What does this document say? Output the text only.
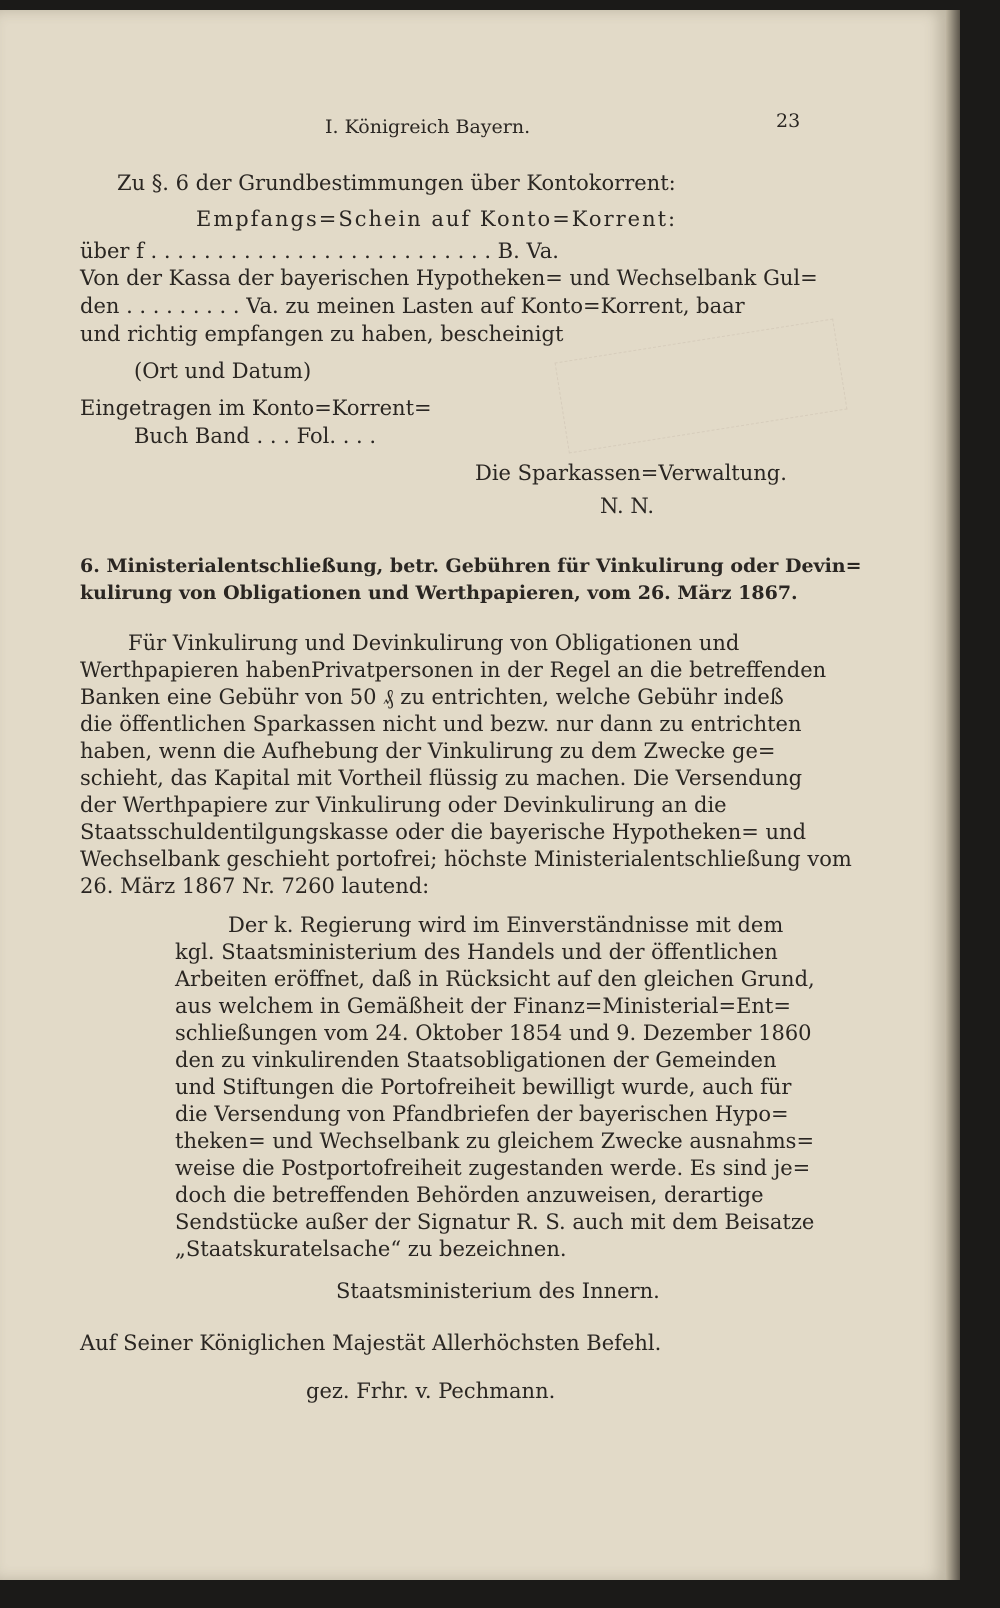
I. Königreich Bayern.	23
Zu §. 6 der Grundbestimmungen über Kontokorrent:
Empfangs=Schein auf Konto=Korrent:
über f . . . . . . . . . . . . . . . . . . . . . . . . . . B. Va.
Von der Kassa der bayerischen Hypotheken= und Wechselbank Gul=
den . . . . . . . . . Va. zu meinen Lasten auf Konto=Korrent, baar
und richtig empfangen zu haben, bescheinigt
(Ort und Datum)
Eingetragen im Konto=Korrent=
Buch Band . . . Fol. . . .
Die Sparkassen=Verwaltung.
N. N.
6. Ministerialentschließung, betr. Gebühren für Vinkulirung oder Devin=
kulirung von Obligationen und Werthpapieren, vom 26. März 1867.
Für Vinkulirung und Devinkulirung von Obligationen und
Werthpapieren habenPrivatpersonen in der Regel an die betreffenden
Banken eine Gebühr von 50 ₰ zu entrichten, welche Gebühr indeß
die öffentlichen Sparkassen nicht und bezw. nur dann zu entrichten
haben, wenn die Aufhebung der Vinkulirung zu dem Zwecke ge=
schieht, das Kapital mit Vortheil flüssig zu machen. Die Versendung
der Werthpapiere zur Vinkulirung oder Devinkulirung an die
Staatsschuldentilgungskasse oder die bayerische Hypotheken= und
Wechselbank geschieht portofrei; höchste Ministerialentschließung vom
26. März 1867 Nr. 7260 lautend:
Der k. Regierung wird im Einverständnisse mit dem
kgl. Staatsministerium des Handels und der öffentlichen
Arbeiten eröffnet, daß in Rücksicht auf den gleichen Grund,
aus welchem in Gemäßheit der Finanz=Ministerial=Ent=
schließungen vom 24. Oktober 1854 und 9. Dezember 1860
den zu vinkulirenden Staatsobligationen der Gemeinden
und Stiftungen die Portofreiheit bewilligt wurde, auch für
die Versendung von Pfandbriefen der bayerischen Hypo=
theken= und Wechselbank zu gleichem Zwecke ausnahms=
weise die Postportofreiheit zugestanden werde. Es sind je=
doch die betreffenden Behörden anzuweisen, derartige
Sendstücke außer der Signatur R. S. auch mit dem Beisatze
„Staatskuratelsache“ zu bezeichnen.
Staatsministerium des Innern.
Auf Seiner Königlichen Majestät Allerhöchsten Befehl.
gez. Frhr. v. Pechmann.
